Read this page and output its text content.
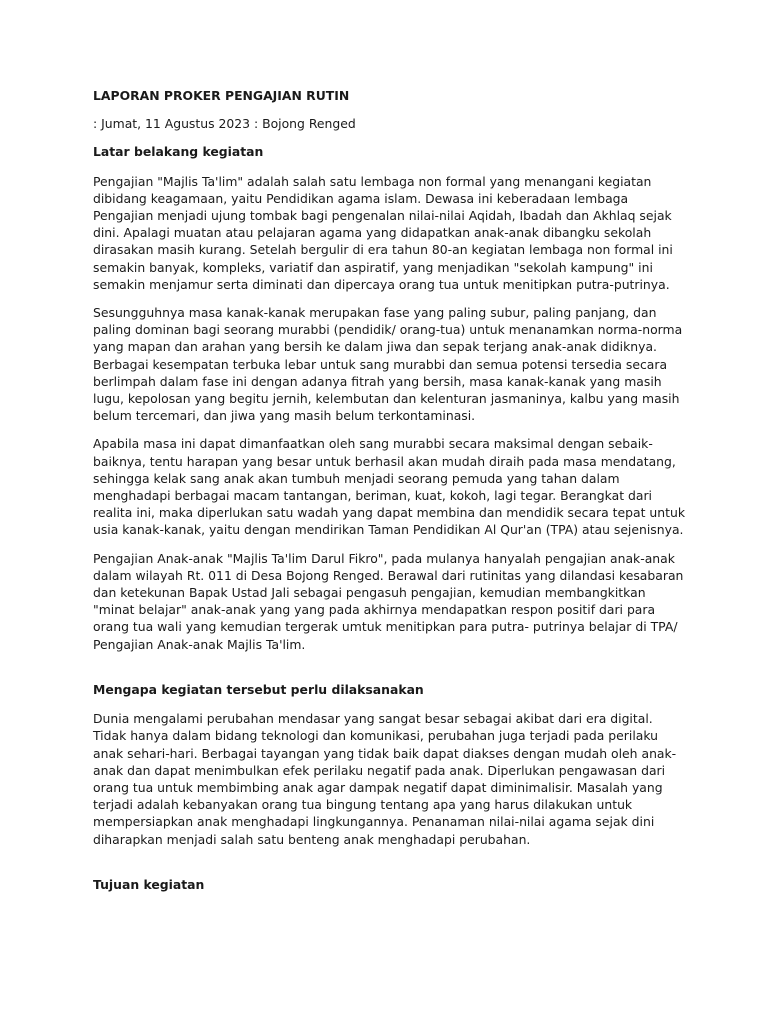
LAPORAN PROKER PENGAJIAN RUTIN

: Jumat, 11 Agustus 2023 : Bojong Renged

Latar belakang kegiatan

Pengajian "Majlis Ta'lim" adalah salah satu lembaga non formal yang menangani kegiatan dibidang keagamaan, yaitu Pendidikan agama islam. Dewasa ini keberadaan lembaga Pengajian menjadi ujung tombak bagi pengenalan nilai-nilai Aqidah, Ibadah dan Akhlaq sejak dini. Apalagi muatan atau pelajaran agama yang didapatkan anak-anak dibangku sekolah dirasakan masih kurang. Setelah bergulir di era tahun 80-an kegiatan lembaga non formal ini semakin banyak, kompleks, variatif dan aspiratif, yang menjadikan "sekolah kampung" ini semakin menjamur serta diminati dan dipercaya orang tua untuk menitipkan putra-putrinya.

Sesungguhnya masa kanak-kanak merupakan fase yang paling subur, paling panjang, dan paling dominan bagi seorang murabbi (pendidik/ orang-tua) untuk menanamkan norma-norma yang mapan dan arahan yang bersih ke dalam jiwa dan sepak terjang anak-anak didiknya. Berbagai kesempatan terbuka lebar untuk sang murabbi dan semua potensi tersedia secara berlimpah dalam fase ini dengan adanya fitrah yang bersih, masa kanak-kanak yang masih lugu, kepolosan yang begitu jernih, kelembutan dan kelenturan jasmaninya, kalbu yang masih belum tercemari, dan jiwa yang masih belum terkontaminasi.

Apabila masa ini dapat dimanfaatkan oleh sang murabbi secara maksimal dengan sebaik-baiknya, tentu harapan yang besar untuk berhasil akan mudah diraih pada masa mendatang, sehingga kelak sang anak akan tumbuh menjadi seorang pemuda yang tahan dalam menghadapi berbagai macam tantangan, beriman, kuat, kokoh, lagi tegar. Berangkat dari realita ini, maka diperlukan satu wadah yang dapat membina dan mendidik secara tepat untuk usia kanak-kanak, yaitu dengan mendirikan Taman Pendidikan Al Qur'an (TPA) atau sejenisnya.

Pengajian Anak-anak "Majlis Ta'lim Darul Fikro", pada mulanya hanyalah pengajian anak-anak dalam wilayah Rt. 011 di Desa Bojong Renged. Berawal dari rutinitas yang dilandasi kesabaran dan ketekunan Bapak Ustad Jali sebagai pengasuh pengajian, kemudian membangkitkan "minat belajar" anak-anak yang yang pada akhirnya mendapatkan respon positif dari para orang tua wali yang kemudian tergerak umtuk menitipkan para putra- putrinya belajar di TPA/ Pengajian Anak-anak Majlis Ta'lim.

Mengapa kegiatan tersebut perlu dilaksanakan

Dunia mengalami perubahan mendasar yang sangat besar sebagai akibat dari era digital. Tidak hanya dalam bidang teknologi dan komunikasi, perubahan juga terjadi pada perilaku anak sehari-hari. Berbagai tayangan yang tidak baik dapat diakses dengan mudah oleh anak-anak dan dapat menimbulkan efek perilaku negatif pada anak. Diperlukan pengawasan dari orang tua untuk membimbing anak agar dampak negatif dapat diminimalisir. Masalah yang terjadi adalah kebanyakan orang tua bingung tentang apa yang harus dilakukan untuk mempersiapkan anak menghadapi lingkungannya. Penanaman nilai-nilai agama sejak dini diharapkan menjadi salah satu benteng anak menghadapi perubahan.

Tujuan kegiatan
